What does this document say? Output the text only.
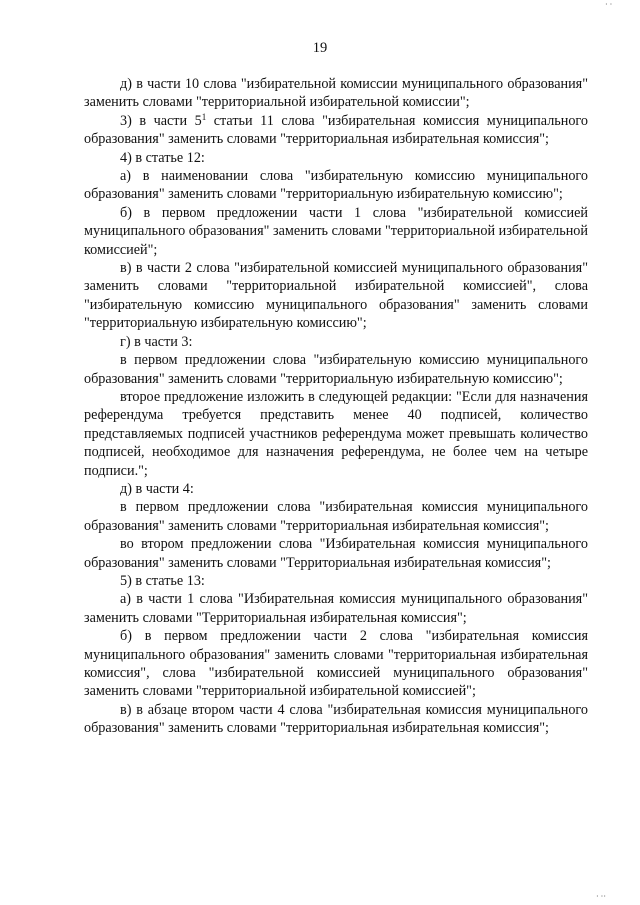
· ·
19

д) в части 10 слова "избирательной комиссии муниципального образования" заменить словами "территориальной избирательной комиссии";

3) в части $5^1$ статьи 11 слова "избирательная комиссия муниципального образования" заменить словами "территориальная избирательная комиссия";

4) в статье 12:

а) в наименовании слова "избирательную комиссию муниципального образования" заменить словами "территориальную избирательную комиссию";

б) в первом предложении части 1 слова "избирательной комиссией муниципального образования" заменить словами "территориальной избирательной комиссией";

в) в части 2 слова "избирательной комиссией муниципального образования" заменить словами "территориальной избирательной комиссией", слова "избирательную комиссию муниципального образования" заменить словами "территориальную избирательную комиссию";

г) в части 3:

в первом предложении слова "избирательную комиссию муниципального образования" заменить словами "территориальную избирательную комиссию";

второе предложение изложить в следующей редакции: "Если для назначения референдума требуется представить менее 40 подписей, количество представляемых подписей участников референдума может превышать количество подписей, необходимое для назначения референдума, не более чем на четыре подписи.";

д) в части 4:

в первом предложении слова "избирательная комиссия муниципального образования" заменить словами "территориальная избирательная комиссия";

во втором предложении слова "Избирательная комиссия муниципального образования" заменить словами "Территориальная избирательная комиссия";

5) в статье 13:

а) в части 1 слова "Избирательная комиссия муниципального образования" заменить словами "Территориальная избирательная комиссия";

б) в первом предложении части 2 слова "избирательная комиссия муниципального образования" заменить словами "территориальная избирательная комиссия", слова "избирательной комиссией муниципального образования" заменить словами "территориальной избирательной комиссией";

в) в абзаце втором части 4 слова "избирательная комиссия муниципального образования" заменить словами "территориальная избирательная комиссия";

· ··
